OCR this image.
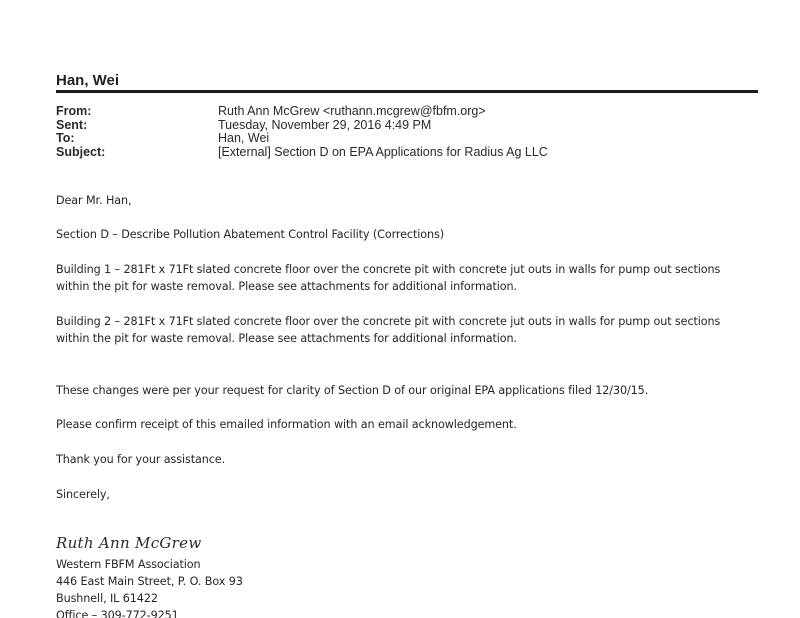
Han, Wei
From:	Ruth Ann McGrew <ruthann.mcgrew@fbfm.org>
Sent:	Tuesday, November 29, 2016 4:49 PM
To:	Han, Wei
Subject:	[External] Section D on EPA Applications for Radius Ag LLC
Dear Mr. Han,
Section D – Describe Pollution Abatement Control Facility (Corrections)
Building 1 – 281Ft x 71Ft slated concrete floor over the concrete pit with concrete jut outs in walls for pump out sections
within the pit for waste removal. Please see attachments for additional information.
Building 2 – 281Ft x 71Ft slated concrete floor over the concrete pit with concrete jut outs in walls for pump out sections
within the pit for waste removal. Please see attachments for additional information.
These changes were per your request for clarity of Section D of our original EPA applications filed 12/30/15.
Please confirm receipt of this emailed information with an email acknowledgement.
Thank you for your assistance.
Sincerely,
Ruth Ann McGrew
Western FBFM Association
446 East Main Street, P. O. Box 93
Bushnell, IL 61422
Office – 309-772-9251
